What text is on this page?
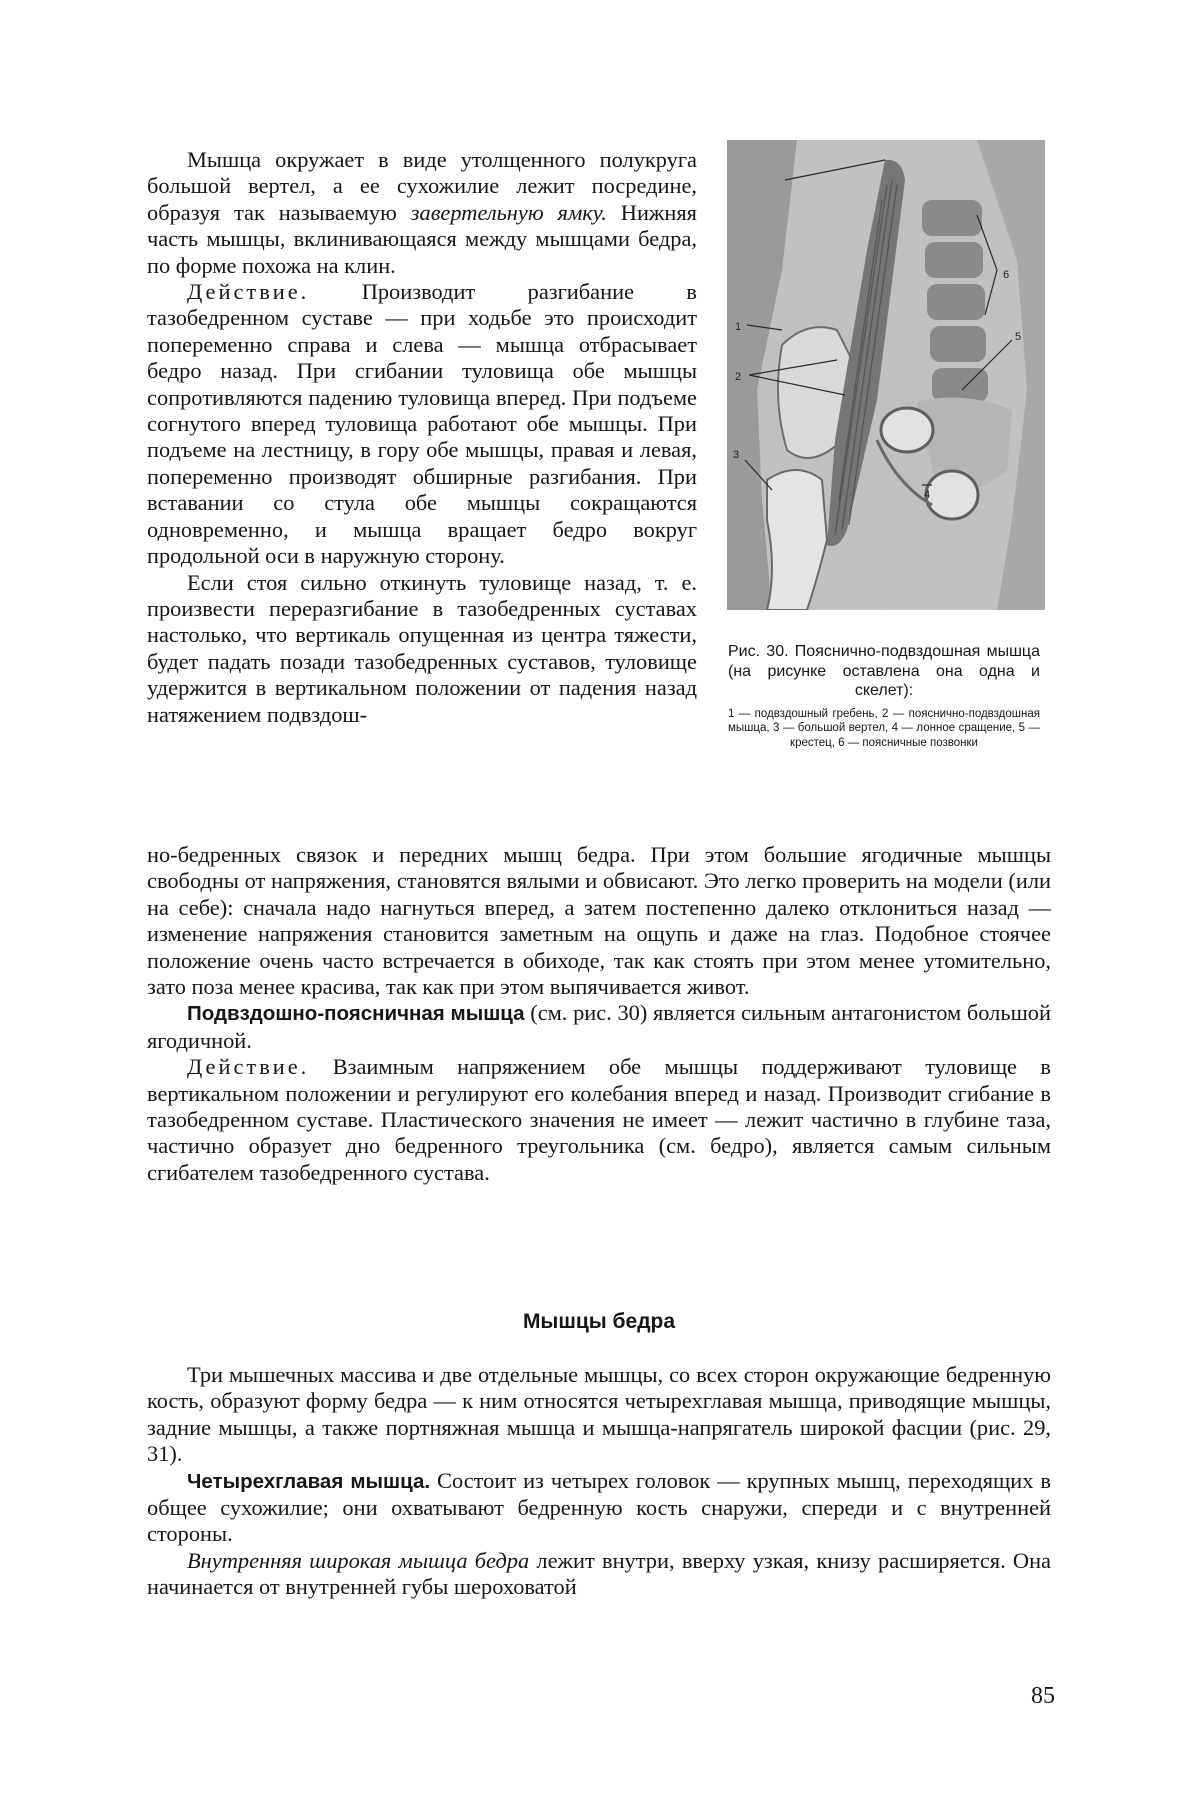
Мышца окружает в виде утолщенного полукруга большой вертел, а ее сухожилие лежит посредине, образуя так называемую завертельную ямку. Нижняя часть мышцы, вклинивающаяся между мышцами бедра, по форме похожа на клин.

Действие. Производит разгибание в тазобедренном суставе — при ходьбе это происходит попеременно справа и слева — мышца отбрасывает бедро назад. При сгибании туловища обе мышцы сопротивляются падению туловища вперед. При подъеме согнутого вперед туловища работают обе мышцы. При подъеме на лестницу, в гору обе мышцы, правая и левая, попеременно производят обширные разгибания. При вставании со стула обе мышцы сокращаются одновременно, и мышца вращает бедро вокруг продольной оси в наружную сторону.

Если стоя сильно откинуть туловище назад, т. е. произвести переразгибание в тазобедренных суставах настолько, что вертикаль опущенная из центра тяжести, будет падать позади тазобедренных суставов, туловище удержится в вертикальном положении от падения назад натяжением подвздош-

1
2
3
4
5
6
Рис. 30. Пояснично-подвздошная мышца (на рисунке оставлена она одна и скелет):
1 — подвздошный гребень, 2 — пояснично-подвздошная мышца, 3 — большой вертел, 4 — лонное сращение, 5 — крестец, 6 — поясничные позвонки

но-бедренных связок и передних мышц бедра. При этом большие ягодичные мышцы свободны от напряжения, становятся вялыми и обвисают. Это легко проверить на модели (или на себе): сначала надо нагнуться вперед, а затем постепенно далеко отклониться назад — изменение напряжения становится заметным на ощупь и даже на глаз. Подобное стоячее положение очень часто встречается в обиходе, так как стоять при этом менее утомительно, зато поза менее красива, так как при этом выпячивается живот.

Подвздошно-поясничная мышца (см. рис. 30) является сильным антагонистом большой ягодичной.

Действие. Взаимным напряжением обе мышцы поддерживают туловище в вертикальном положении и регулируют его колебания вперед и назад. Производит сгибание в тазобедренном суставе. Пластического значения не имеет — лежит частично в глубине таза, частично образует дно бедренного треугольника (см. бедро), является самым сильным сгибателем тазобедренного сустава.

Мышцы бедра

Три мышечных массива и две отдельные мышцы, со всех сторон окружающие бедренную кость, образуют форму бедра — к ним относятся четырехглавая мышца, приводящие мышцы, задние мышцы, а также портняжная мышца и мышца-напрягатель широкой фасции (рис. 29, 31).

Четырехглавая мышца. Состоит из четырех головок — крупных мышц, переходящих в общее сухожилие; они охватывают бедренную кость снаружи, спереди и с внутренней стороны.

Внутренняя широкая мышца бедра лежит внутри, вверху узкая, книзу расширяется. Она начинается от внутренней губы шероховатой

85
